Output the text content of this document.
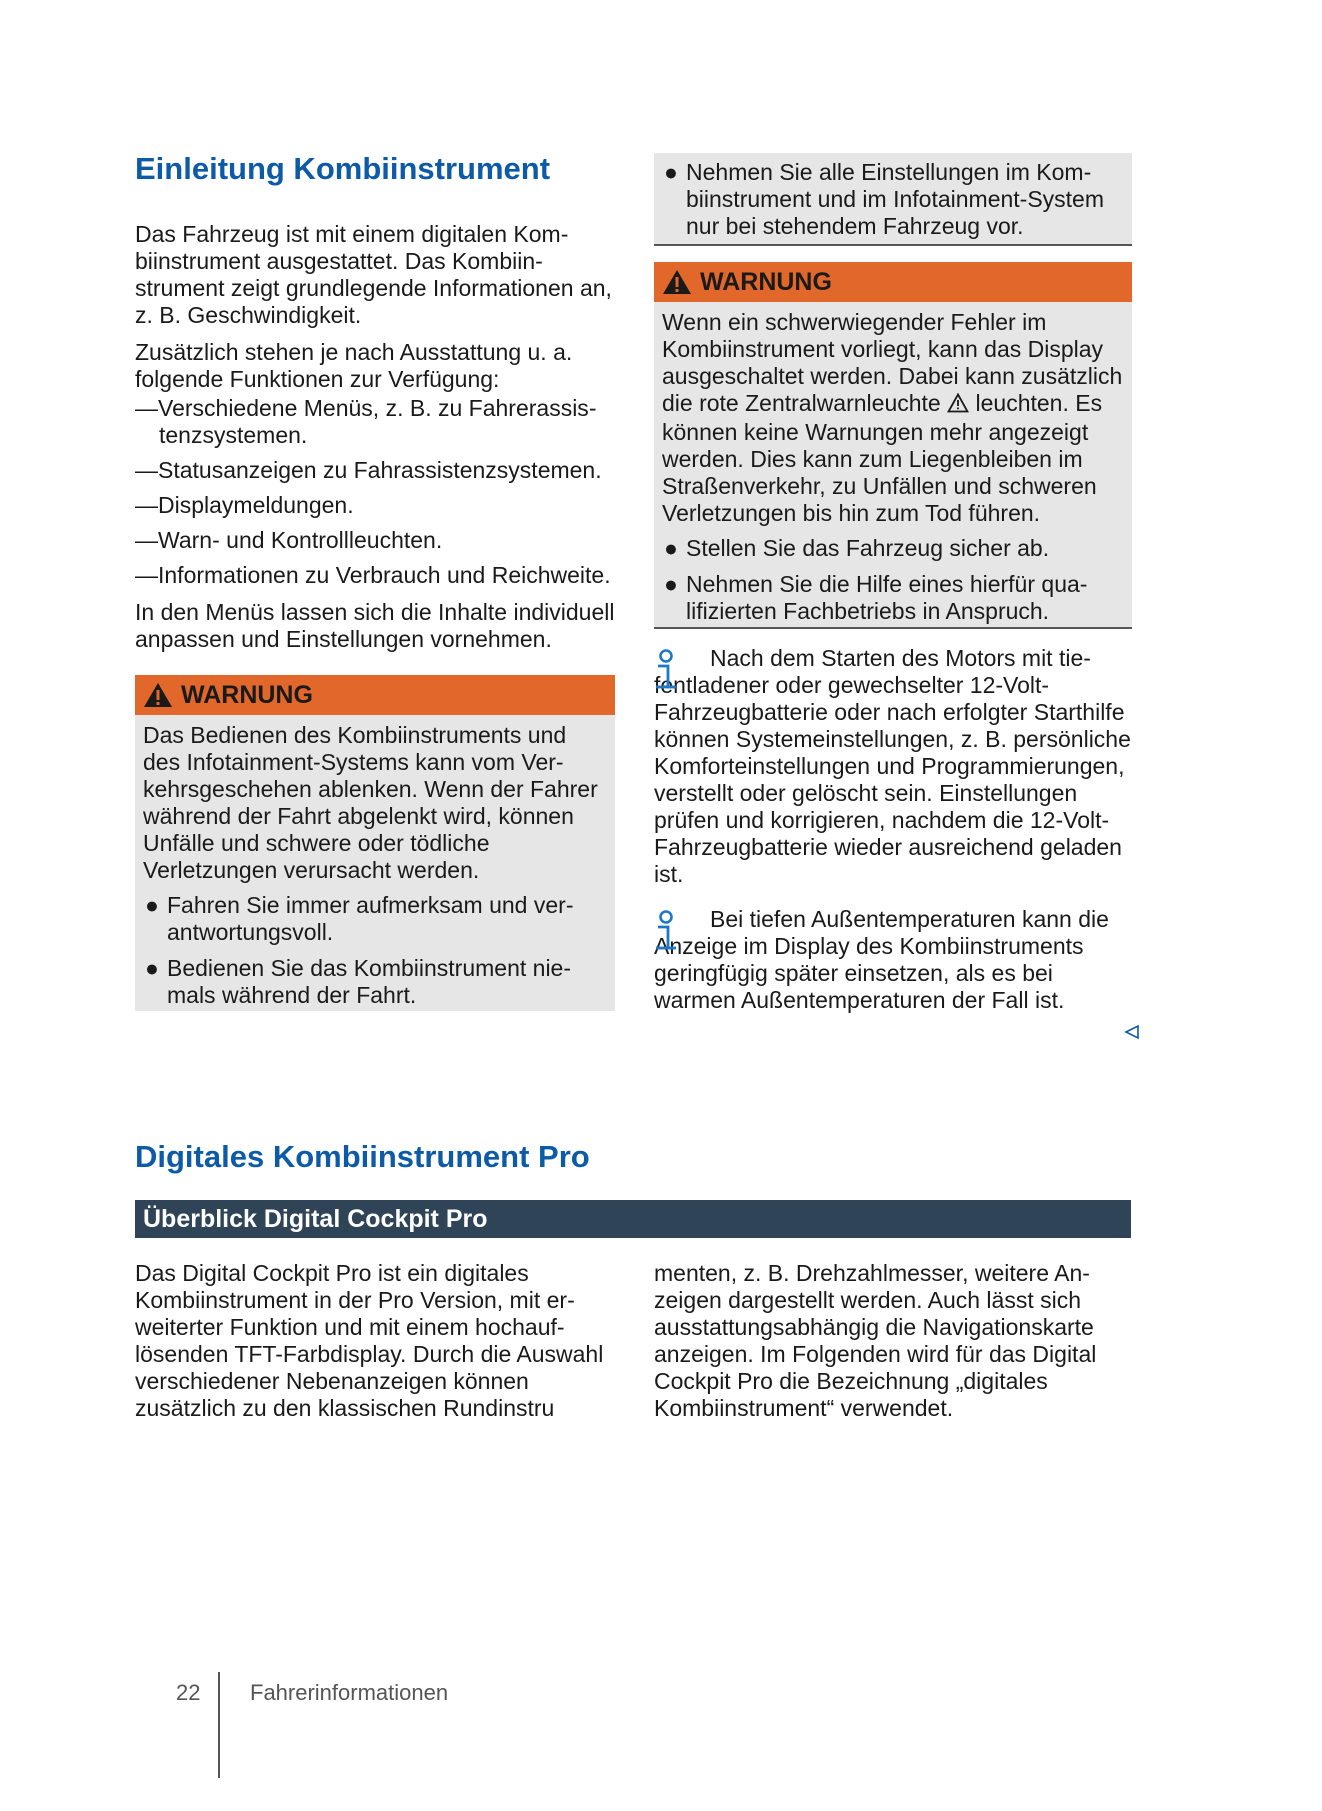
Einleitung Kombiinstrument

Das Fahrzeug ist mit einem digitalen Kombiinstrument ausgestattet. Das Kombiinstrument zeigt grundlegende Informationen an, z. B. Geschwindigkeit.

Zusätzlich stehen je nach Ausstattung u. a. folgende Funktionen zur Verfügung:

—Verschiedene Menüs, z. B. zu Fahrerassistenzsystemen.
—Statusanzeigen zu Fahrassistenzsystemen.
—Displaymeldungen.
—Warn- und Kontrollleuchten.
—Informationen zu Verbrauch und Reichweite.

In den Menüs lassen sich die Inhalte individuell anpassen und Einstellungen vornehmen.

WARNUNG

Das Bedienen des Kombiinstruments und des Infotainment-Systems kann vom Verkehrsgeschehen ablenken. Wenn der Fahrer während der Fahrt abgelenkt wird, können Unfälle und schwere oder tödliche Verletzungen verursacht werden.

● Fahren Sie immer aufmerksam und verantwortungsvoll.
● Bedienen Sie das Kombiinstrument niemals während der Fahrt.
● Nehmen Sie alle Einstellungen im Kombiinstrument und im Infotainment-System nur bei stehendem Fahrzeug vor.
WARNUNG

Wenn ein schwerwiegender Fehler im Kombiinstrument vorliegt, kann das Display ausgeschaltet werden. Dabei kann zusätzlich die rote Zentralwarnleuchte leuchten. Es können keine Warnungen mehr angezeigt werden. Dies kann zum Liegenbleiben im Straßenverkehr, zu Unfällen und schweren Verletzungen bis hin zum Tod führen.

● Stellen Sie das Fahrzeug sicher ab.
● Nehmen Sie die Hilfe eines hierfür qualifizierten Fachbetriebs in Anspruch.

Nach dem Starten des Motors mit tiefentladener oder gewechselter 12-Volt-Fahrzeugbatterie oder nach erfolgter Starthilfe können Systemeinstellungen, z. B. persönliche Komforteinstellungen und Programmierungen, verstellt oder gelöscht sein. Einstellungen prüfen und korrigieren, nachdem die 12-Volt-Fahrzeugbatterie wieder ausreichend geladen ist.

Bei tiefen Außentemperaturen kann die Anzeige im Display des Kombiinstruments geringfügig später einsetzen, als es bei warmen Außentemperaturen der Fall ist.

Digitales Kombiinstrument Pro
Überblick Digital Cockpit Pro

Das Digital Cockpit Pro ist ein digitales Kombiinstrument in der Pro Version, mit erweiterter Funktion und mit einem hochauflösenden TFT-Farbdisplay. Durch die Auswahl verschiedener Nebenanzeigen können zusätzlich zu den klassischen Rundinstru

menten, z. B. Drehzahlmesser, weitere Anzeigen dargestellt werden. Auch lässt sich ausstattungsabhängig die Navigationskarte anzeigen. Im Folgenden wird für das Digital Cockpit Pro die Bezeichnung „digitales Kombiinstrument“ verwendet.

22 Fahrerinformationen
